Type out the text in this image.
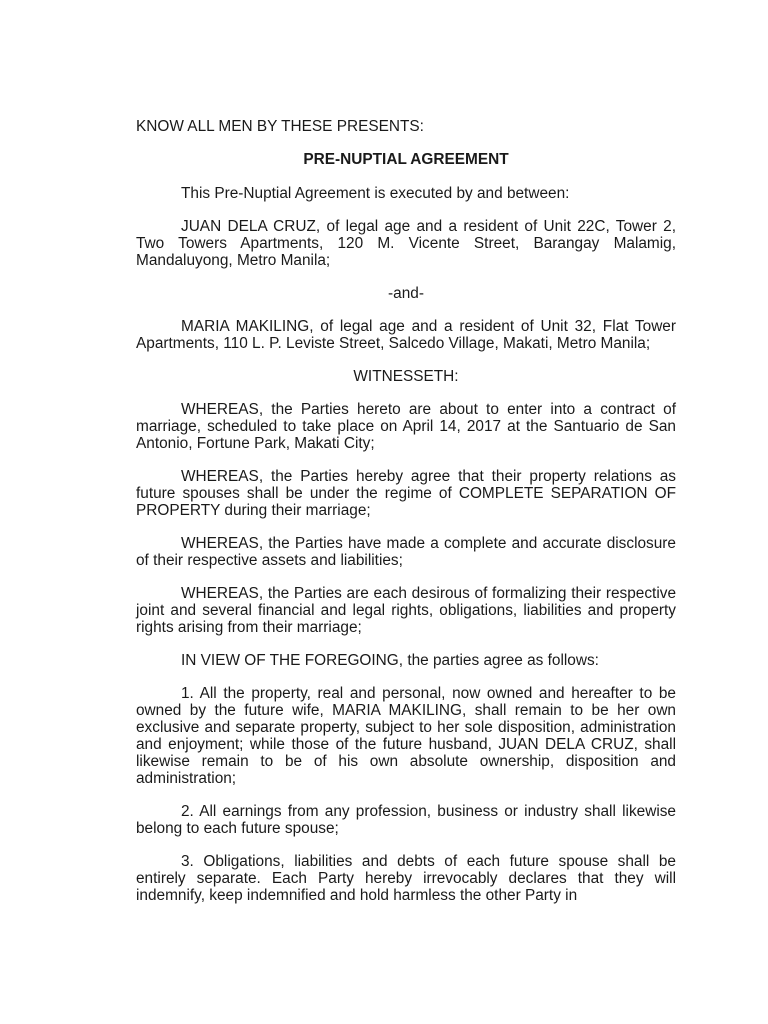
KNOW ALL MEN BY THESE PRESENTS:

PRE-NUPTIAL AGREEMENT

This Pre-Nuptial Agreement is executed by and between:

JUAN DELA CRUZ, of legal age and a resident of Unit 22C, Tower 2, Two Towers Apartments, 120 M. Vicente Street, Barangay Malamig, Mandaluyong, Metro Manila;

-and-

MARIA MAKILING, of legal age and a resident of Unit 32, Flat Tower Apartments, 110 L. P. Leviste Street, Salcedo Village, Makati, Metro Manila;

WITNESSETH:

WHEREAS, the Parties hereto are about to enter into a contract of marriage, scheduled to take place on April 14, 2017 at the Santuario de San Antonio, Fortune Park, Makati City;

WHEREAS, the Parties hereby agree that their property relations as future spouses shall be under the regime of COMPLETE SEPARATION OF PROPERTY during their marriage;

WHEREAS, the Parties have made a complete and accurate disclosure of their respective assets and liabilities;

WHEREAS, the Parties are each desirous of formalizing their respective joint and several financial and legal rights, obligations, liabilities and property rights arising from their marriage;

IN VIEW OF THE FOREGOING, the parties agree as follows:

1. All the property, real and personal, now owned and hereafter to be owned by the future wife, MARIA MAKILING, shall remain to be her own exclusive and separate property, subject to her sole disposition, administration and enjoyment; while those of the future husband, JUAN DELA CRUZ, shall likewise remain to be of his own absolute ownership, disposition and administration;

2. All earnings from any profession, business or industry shall likewise belong to each future spouse;

3. Obligations, liabilities and debts of each future spouse shall be entirely separate. Each Party hereby irrevocably declares that they will indemnify, keep indemnified and hold harmless the other Party in
